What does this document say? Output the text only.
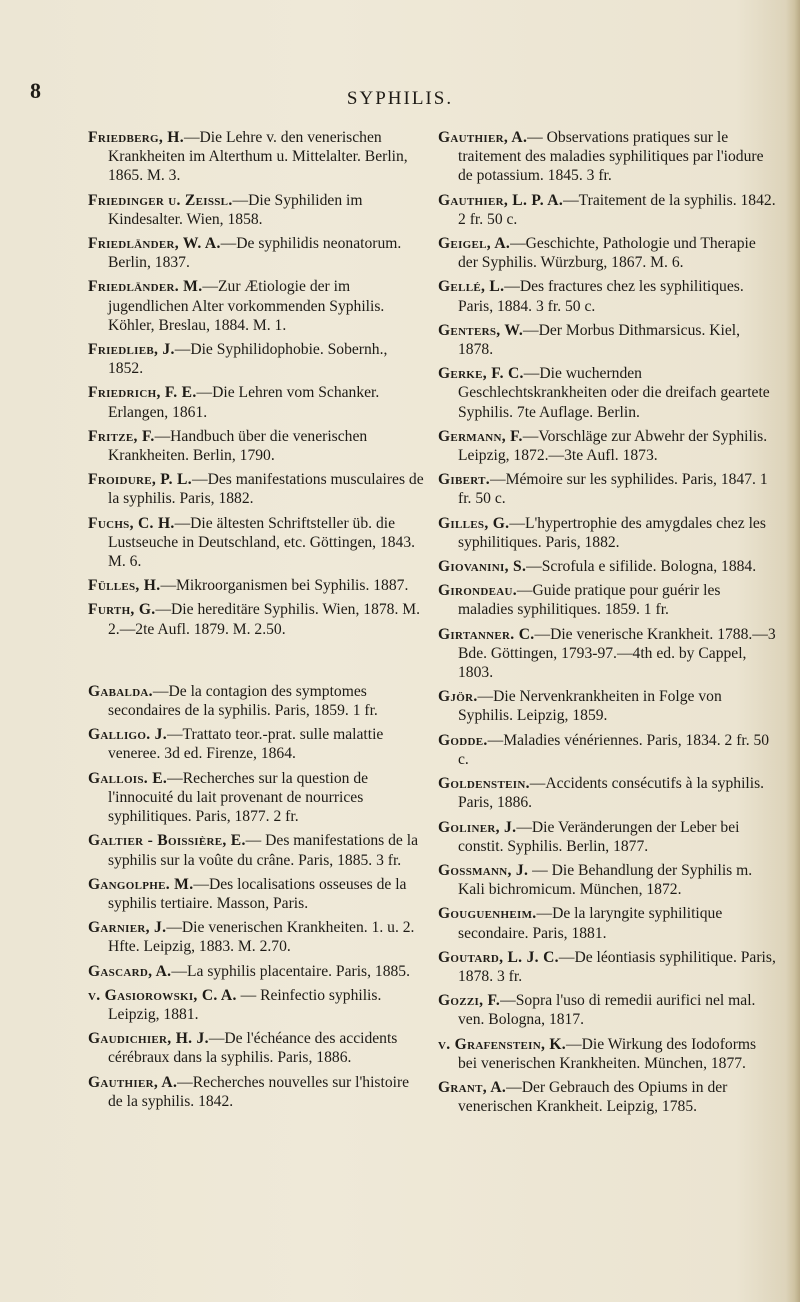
8	SYPHILIS.

Friedberg, H.—Die Lehre v. den venerischen Krankheiten im Alterthum u. Mittelalter. Berlin, 1865. M. 3.

Friedinger u. Zeissl.—Die Syphiliden im Kindesalter. Wien, 1858.

Friedländer, W. A.—De syphilidis neonatorum. Berlin, 1837.

Friedländer. M.—Zur Ætiologie der im jugendlichen Alter vorkommenden Syphilis. Köhler, Breslau, 1884. M. 1.

Friedlieb, J.—Die Syphilidophobie. Sobernh., 1852.

Friedrich, F. E.—Die Lehren vom Schanker. Erlangen, 1861.

Fritze, F.—Handbuch über die venerischen Krankheiten. Berlin, 1790.

Froidure, P. L.—Des manifestations musculaires de la syphilis. Paris, 1882.

Fuchs, C. H.—Die ältesten Schriftsteller üb. die Lustseuche in Deutschland, etc. Göttingen, 1843. M. 6.

Fülles, H.—Mikroorganismen bei Syphilis. 1887.

Furth, G.—Die hereditäre Syphilis. Wien, 1878. M. 2.—2te Aufl. 1879. M. 2.50.

Gabalda.—De la contagion des symptomes secondaires de la syphilis. Paris, 1859. 1 fr.

Galligo. J.—Trattato teor.-prat. sulle malattie veneree. 3d ed. Firenze, 1864.

Gallois. E.—Recherches sur la question de l'innocuité du lait provenant de nourrices syphilitiques. Paris, 1877. 2 fr.

Galtier - Boissière, E.— Des manifestations de la syphilis sur la voûte du crâne. Paris, 1885. 3 fr.

Gangolphe. M.—Des localisations osseuses de la syphilis tertiaire. Masson, Paris.

Garnier, J.—Die venerischen Krankheiten. 1. u. 2. Hfte. Leipzig, 1883. M. 2.70.

Gascard, A.—La syphilis placentaire. Paris, 1885.

v. Gasiorowski, C. A. — Reinfectio syphilis. Leipzig, 1881.

Gaudichier, H. J.—De l'échéance des accidents cérébraux dans la syphilis. Paris, 1886.

Gauthier, A.—Recherches nouvelles sur l'histoire de la syphilis. 1842.

Gauthier, A.— Observations pratiques sur le traitement des maladies syphilitiques par l'iodure de potassium. 1845. 3 fr.

Gauthier, L. P. A.—Traitement de la syphilis. 1842. 2 fr. 50 c.

Geigel, A.—Geschichte, Pathologie und Therapie der Syphilis. Würzburg, 1867. M. 6.

Gellé, L.—Des fractures chez les syphilitiques. Paris, 1884. 3 fr. 50 c.

Genters, W.—Der Morbus Dithmarsicus. Kiel, 1878.

Gerke, F. C.—Die wuchernden Geschlechtskrankheiten oder die dreifach geartete Syphilis. 7te Auflage. Berlin.

Germann, F.—Vorschläge zur Abwehr der Syphilis. Leipzig, 1872.—3te Aufl. 1873.

Gibert.—Mémoire sur les syphilides. Paris, 1847. 1 fr. 50 c.

Gilles, G.—L'hypertrophie des amygdales chez les syphilitiques. Paris, 1882.

Giovanini, S.—Scrofula e sifilide. Bologna, 1884.

Girondeau.—Guide pratique pour guérir les maladies syphilitiques. 1859. 1 fr.

Girtanner. C.—Die venerische Krankheit. 1788.—3 Bde. Göttingen, 1793-97.—4th ed. by Cappel, 1803.

Gjör.—Die Nervenkrankheiten in Folge von Syphilis. Leipzig, 1859.

Godde.—Maladies vénériennes. Paris, 1834. 2 fr. 50 c.

Goldenstein.—Accidents consécutifs à la syphilis. Paris, 1886.

Goliner, J.—Die Veränderungen der Leber bei constit. Syphilis. Berlin, 1877.

Gossmann, J. — Die Behandlung der Syphilis m. Kali bichromicum. München, 1872.

Gouguenheim.—De la laryngite syphilitique secondaire. Paris, 1881.

Goutard, L. J. C.—De léontiasis syphilitique. Paris, 1878. 3 fr.

Gozzi, F.—Sopra l'uso di remedii aurifici nel mal. ven. Bologna, 1817.

v. Grafenstein, K.—Die Wirkung des Iodoforms bei venerischen Krankheiten. München, 1877.

Grant, A.—Der Gebrauch des Opiums in der venerischen Krankheit. Leipzig, 1785.
